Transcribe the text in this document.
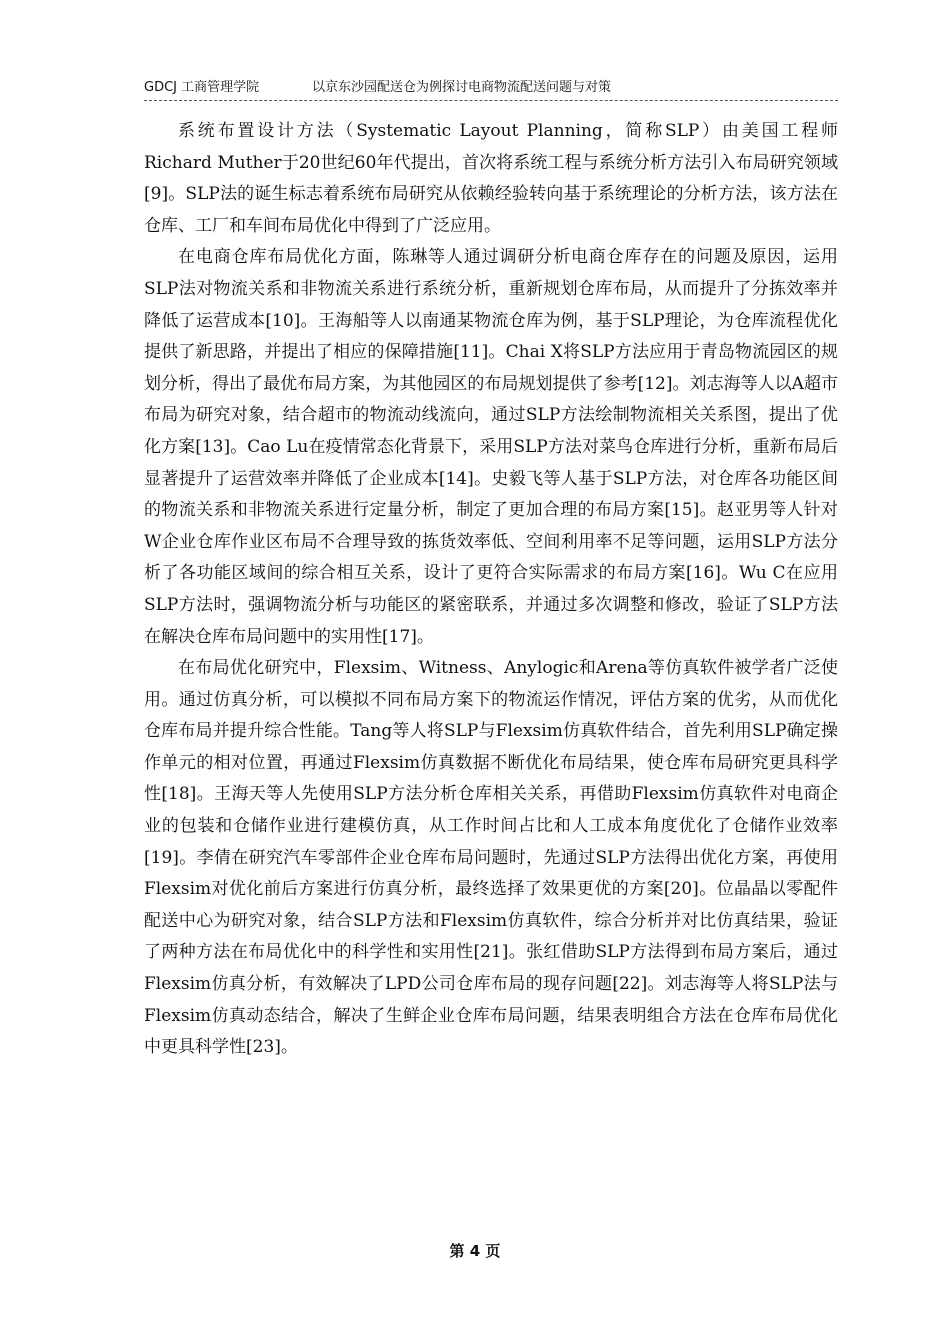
GDCJ 工商管理学院	以京东沙园配送仓为例探讨电商物流配送问题与对策

系统布置设计方法（Systematic Layout Planning，简称SLP）由美国工程师Richard Muther于20世纪60年代提出，首次将系统工程与系统分析方法引入布局研究领域[9]。SLP法的诞生标志着系统布局研究从依赖经验转向基于系统理论的分析方法，该方法在仓库、工厂和车间布局优化中得到了广泛应用。

在电商仓库布局优化方面，陈琳等人通过调研分析电商仓库存在的问题及原因，运用SLP法对物流关系和非物流关系进行系统分析，重新规划仓库布局，从而提升了分拣效率并降低了运营成本[10]。王海船等人以南通某物流仓库为例，基于SLP理论，为仓库流程优化提供了新思路，并提出了相应的保障措施[11]。Chai X将SLP方法应用于青岛物流园区的规划分析，得出了最优布局方案，为其他园区的布局规划提供了参考[12]。刘志海等人以A超市布局为研究对象，结合超市的物流动线流向，通过SLP方法绘制物流相关关系图，提出了优化方案[13]。Cao Lu在疫情常态化背景下，采用SLP方法对菜鸟仓库进行分析，重新布局后显著提升了运营效率并降低了企业成本[14]。史毅飞等人基于SLP方法，对仓库各功能区间的物流关系和非物流关系进行定量分析，制定了更加合理的布局方案[15]。赵亚男等人针对W企业仓库作业区布局不合理导致的拣货效率低、空间利用率不足等问题，运用SLP方法分析了各功能区域间的综合相互关系，设计了更符合实际需求的布局方案[16]。Wu C在应用SLP方法时，强调物流分析与功能区的紧密联系，并通过多次调整和修改，验证了SLP方法在解决仓库布局问题中的实用性[17]。

在布局优化研究中，Flexsim、Witness、Anylogic和Arena等仿真软件被学者广泛使用。通过仿真分析，可以模拟不同布局方案下的物流运作情况，评估方案的优劣，从而优化仓库布局并提升综合性能。Tang等人将SLP与Flexsim仿真软件结合，首先利用SLP确定操作单元的相对位置，再通过Flexsim仿真数据不断优化布局结果，使仓库布局研究更具科学性[18]。王海天等人先使用SLP方法分析仓库相关关系，再借助Flexsim仿真软件对电商企业的包装和仓储作业进行建模仿真，从工作时间占比和人工成本角度优化了仓储作业效率[19]。李倩在研究汽车零部件企业仓库布局问题时，先通过SLP方法得出优化方案，再使用Flexsim对优化前后方案进行仿真分析，最终选择了效果更优的方案[20]。位晶晶以零配件配送中心为研究对象，结合SLP方法和Flexsim仿真软件，综合分析并对比仿真结果，验证了两种方法在布局优化中的科学性和实用性[21]。张红借助SLP方法得到布局方案后，通过Flexsim仿真分析，有效解决了LPD公司仓库布局的现存问题[22]。刘志海等人将SLP法与Flexsim仿真动态结合，解决了生鲜企业仓库布局问题，结果表明组合方法在仓库布局优化中更具科学性[23]。

第 4 页
